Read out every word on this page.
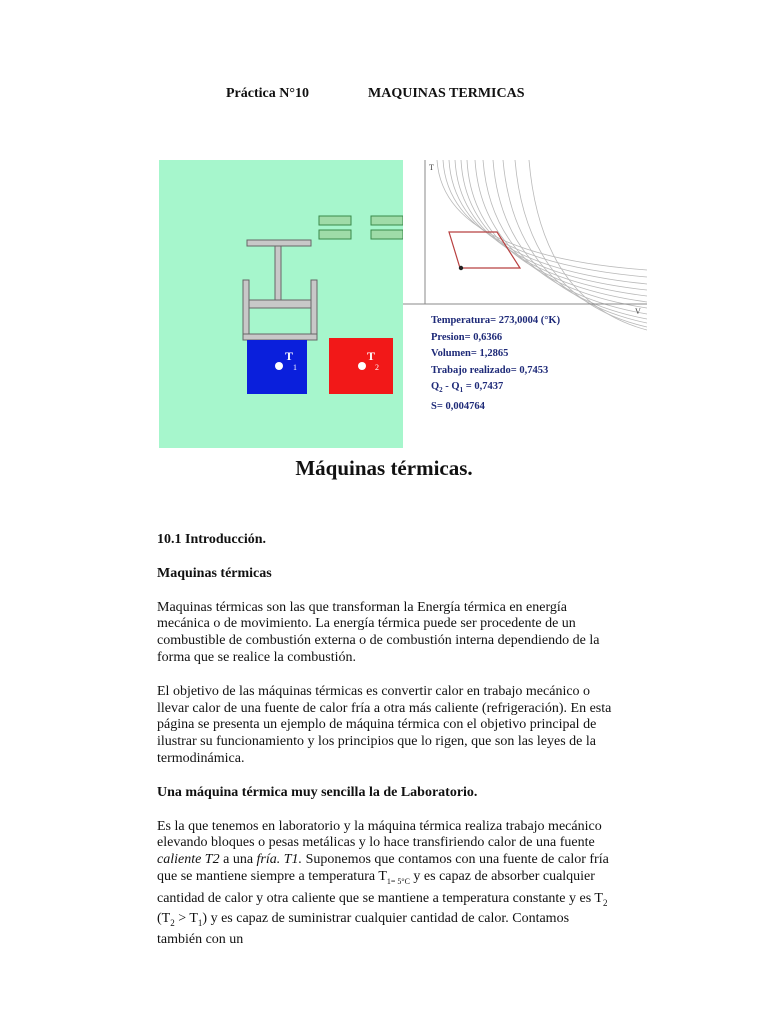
Práctica N°10	MAQUINAS TERMICAS
T
1
T
2
T
V
Temperatura= 273,0004 (°K)
Presion= 0,6366
Volumen= 1,2865
Trabajo realizado= 0,7453
$Q_2 - Q_1 = 0,7437$
S= 0,004764
Máquinas térmicas.
10.1 Introducción.
Maquinas térmicas

Maquinas térmicas son las que transforman la Energía térmica en energía mecánica o de movimiento. La energía térmica puede ser procedente de un combustible de combustión externa o de combustión interna dependiendo de la forma que se realice la combustión.

El objetivo de las máquinas térmicas es convertir calor en trabajo mecánico o llevar calor de una fuente de calor fría a otra más caliente (refrigeración). En esta página se presenta un ejemplo de máquina térmica con el objetivo principal de ilustrar su funcionamiento y los principios que lo rigen, que son las leyes de la termodinámica.

Una máquina térmica muy sencilla la de Laboratorio.

Es la que tenemos en laboratorio y la máquina térmica realiza trabajo mecánico elevando bloques o pesas metálicas y lo hace transfiriendo calor de una fuente caliente T2 a una fría. T1. Suponemos que contamos con una fuente de calor fría que se mantiene siempre a temperatura $T_{1= 5^\circ C}$ y es capaz de absorber cualquier cantidad de calor y otra caliente que se mantiene a temperatura constante y es $T_2$ $(T_2 > T_1)$ y es capaz de suministrar cualquier cantidad de calor. Contamos también con un
